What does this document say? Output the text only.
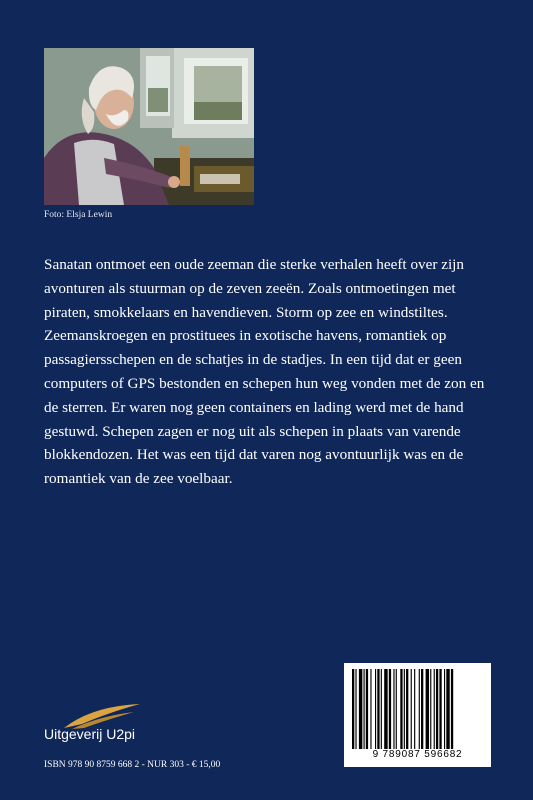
Foto: Elsja Lewin

Sanatan ontmoet een oude zeeman die sterke verhalen heeft over zijn avonturen als stuurman op de zeven zeeën. Zoals ontmoetingen met piraten, smokkelaars en havendieven. Storm op zee en windstiltes. Zeemanskroegen en prostituees in exotische havens, romantiek op passagiersschepen en de schatjes in de stadjes. In een tijd dat er geen computers of GPS bestonden en schepen hun weg vonden met de zon en de sterren. Er waren nog geen containers en lading werd met de hand gestuwd. Schepen zagen er nog uit als schepen in plaats van varende blokkendozen. Het was een tijd dat varen nog avontuurlijk was en de romantiek van de zee voelbaar.

Uitgeverij U2pi
ISBN 978 90 8759 668 2 - NUR 303 - € 15,00
9 789087 596682
